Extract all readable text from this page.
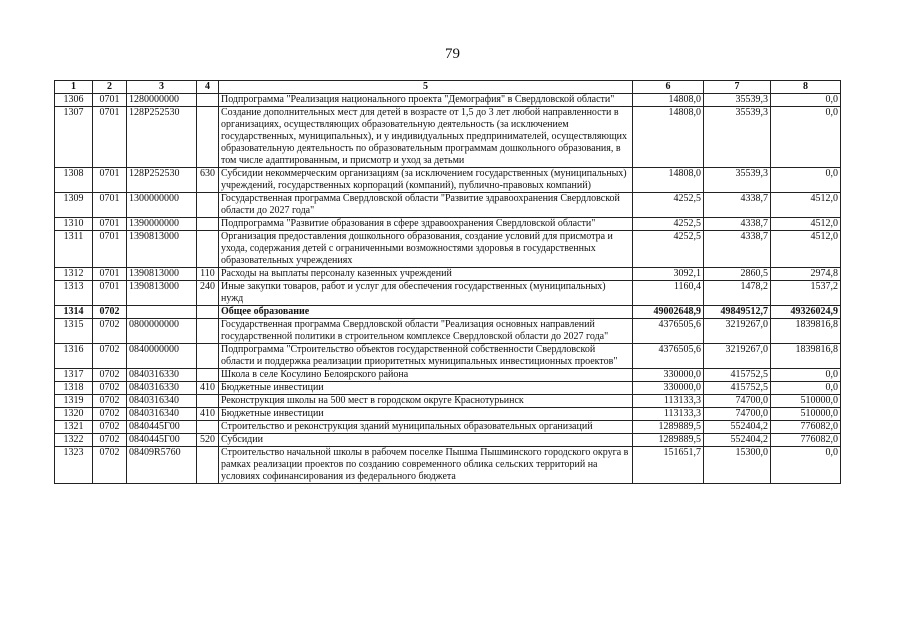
79
1	2	3	4	5	6	7	8
1306	0701	1280000000		Подпрограмма "Реализация национального проекта "Демография" в Свердловской области"	14808,0	35539,3	0,0
1307	0701	128P252530		Создание дополнительных мест для детей в возрасте от 1,5 до 3 лет любой направленности в организациях, осуществляющих образовательную деятельность (за исключением государственных, муниципальных), и у индивидуальных предпринимателей, осуществляющих образовательную деятельность по образовательным программам дошкольного образования, в том числе адаптированным, и присмотр и уход за детьми	14808,0	35539,3	0,0
1308	0701	128P252530	630	Субсидии некоммерческим организациям (за исключением государственных (муниципальных) учреждений, государственных корпораций (компаний), публично-правовых компаний)	14808,0	35539,3	0,0
1309	0701	1300000000		Государственная программа Свердловской области "Развитие здравоохранения Свердловской области до 2027 года"	4252,5	4338,7	4512,0
1310	0701	1390000000		Подпрограмма "Развитие образования в сфере здравоохранения Свердловской области"	4252,5	4338,7	4512,0
1311	0701	1390813000		Организация предоставления дошкольного образования, создание условий для присмотра и ухода, содержания детей с ограниченными возможностями здоровья в государственных образовательных учреждениях	4252,5	4338,7	4512,0
1312	0701	1390813000	110	Расходы на выплаты персоналу казенных учреждений	3092,1	2860,5	2974,8
1313	0701	1390813000	240	Иные закупки товаров, работ и услуг для обеспечения государственных (муниципальных) нужд	1160,4	1478,2	1537,2
1314	0702			Общее образование	49002648,9	49849512,7	49326024,9
1315	0702	0800000000		Государственная программа Свердловской области "Реализация основных направлений государственной политики в строительном комплексе Свердловской области до 2027 года"	4376505,6	3219267,0	1839816,8
1316	0702	0840000000		Подпрограмма "Строительство объектов государственной собственности Свердловской области и поддержка реализации приоритетных муниципальных инвестиционных проектов"	4376505,6	3219267,0	1839816,8
1317	0702	0840316330		Школа в селе Косулино Белоярского района	330000,0	415752,5	0,0
1318	0702	0840316330	410	Бюджетные инвестиции	330000,0	415752,5	0,0
1319	0702	0840316340		Реконструкция школы на 500 мест в городском округе Краснотурьинск	113133,3	74700,0	510000,0
1320	0702	0840316340	410	Бюджетные инвестиции	113133,3	74700,0	510000,0
1321	0702	0840445Г00		Строительство и реконструкция зданий муниципальных образовательных организаций	1289889,5	552404,2	776082,0
1322	0702	0840445Г00	520	Субсидии	1289889,5	552404,2	776082,0
1323	0702	08409R5760		Строительство начальной школы в рабочем поселке Пышма Пышминского городского округа в рамках реализации проектов по созданию современного облика сельских территорий на условиях софинансирования из федерального бюджета	151651,7	15300,0	0,0
